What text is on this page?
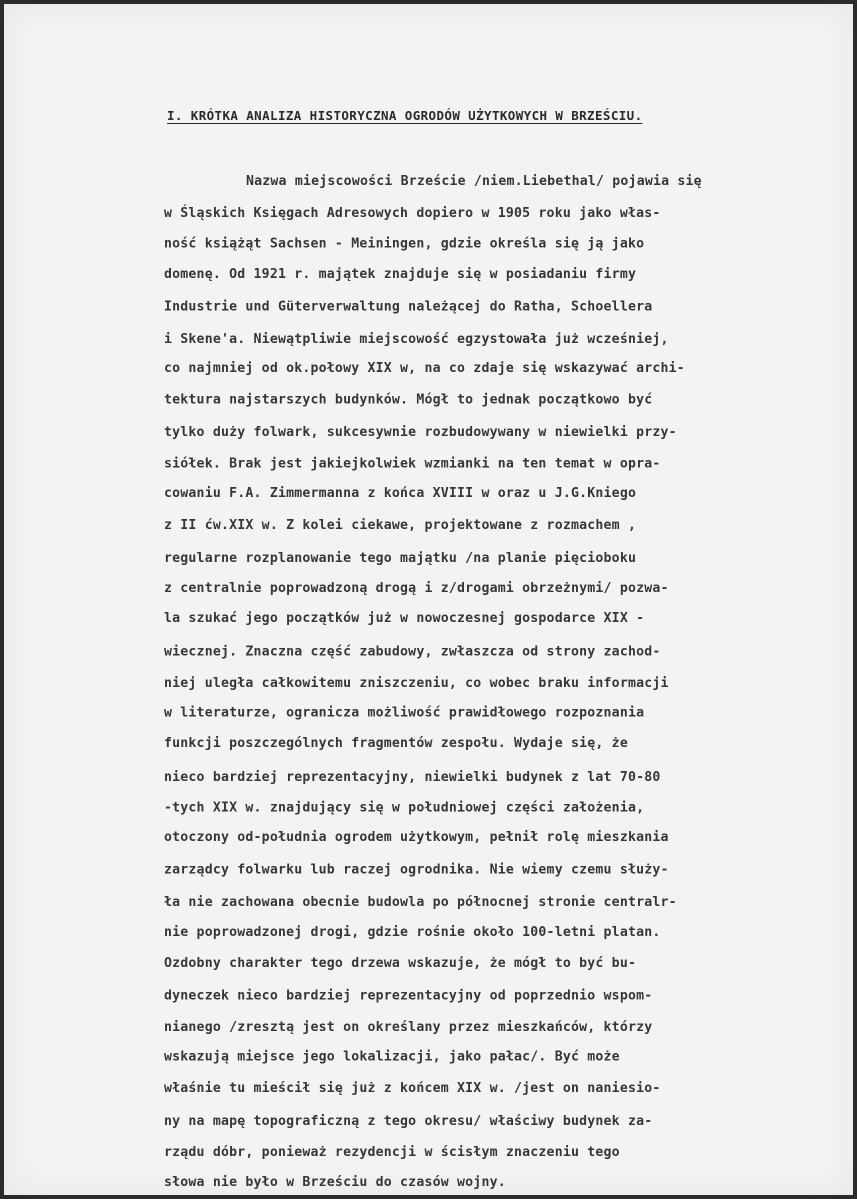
I. KRÓTKA ANALIZA HISTORYCZNA OGRODÓW UŻYTKOWYCH W BRZEŚCIU.
Nazwa miejscowości Brzeście /niem.Liebethal/ pojawia się
w Śląskich Księgach Adresowych dopiero w 1905 roku jako włas-
ność książąt Sachsen - Meiningen, gdzie określa się ją jako
domenę. Od 1921 r. majątek znajduje się w posiadaniu firmy
Industrie und Güterverwaltung należącej do Ratha, Schoellera
i Skene'a. Niewątpliwie miejscowość egzystowała już wcześniej,
co najmniej od ok.połowy XIX w, na co zdaje się wskazywać archi-
tektura najstarszych budynków. Mógł to jednak początkowo być
tylko duży folwark, sukcesywnie rozbudowywany w niewielki przy-
siółek. Brak jest jakiejkolwiek wzmianki na ten temat w opra-
cowaniu F.A. Zimmermanna z końca XVIII w oraz u J.G.Kniego
z II ćw.XIX w. Z kolei ciekawe, projektowane z rozmachem ,
regularne rozplanowanie tego majątku /na planie pięcioboku
z centralnie poprowadzoną drogą i z/drogami obrzeżnymi/ pozwa-
la szukać jego początków już w nowoczesnej gospodarce XIX -
wiecznej. Znaczna część zabudowy, zwłaszcza od strony zachod-
niej uległa całkowitemu zniszczeniu, co wobec braku informacji
w literaturze, ogranicza możliwość prawidłowego rozpoznania
funkcji poszczególnych fragmentów zespołu. Wydaje się, że
nieco bardziej reprezentacyjny, niewielki budynek z lat 70-80
-tych XIX w. znajdujący się w południowej części założenia,
otoczony od-południa ogrodem użytkowym, pełnił rolę mieszkania
zarządcy folwarku lub raczej ogrodnika. Nie wiemy czemu służy-
ła nie zachowana obecnie budowla po północnej stronie centralr-
nie poprowadzonej drogi, gdzie rośnie około 100-letni platan.
Ozdobny charakter tego drzewa wskazuje, że mógł to być bu-
dyneczek nieco bardziej reprezentacyjny od poprzednio wspom-
nianego /zresztą jest on określany przez mieszkańców, którzy
wskazują miejsce jego lokalizacji, jako pałac/. Być może
właśnie tu mieścił się już z końcem XIX w. /jest on naniesio-
ny na mapę topograficzną z tego okresu/ właściwy budynek za-
rządu dóbr, ponieważ rezydencji w ścisłym znaczeniu tego
słowa nie było w Brześciu do czasów wojny.
